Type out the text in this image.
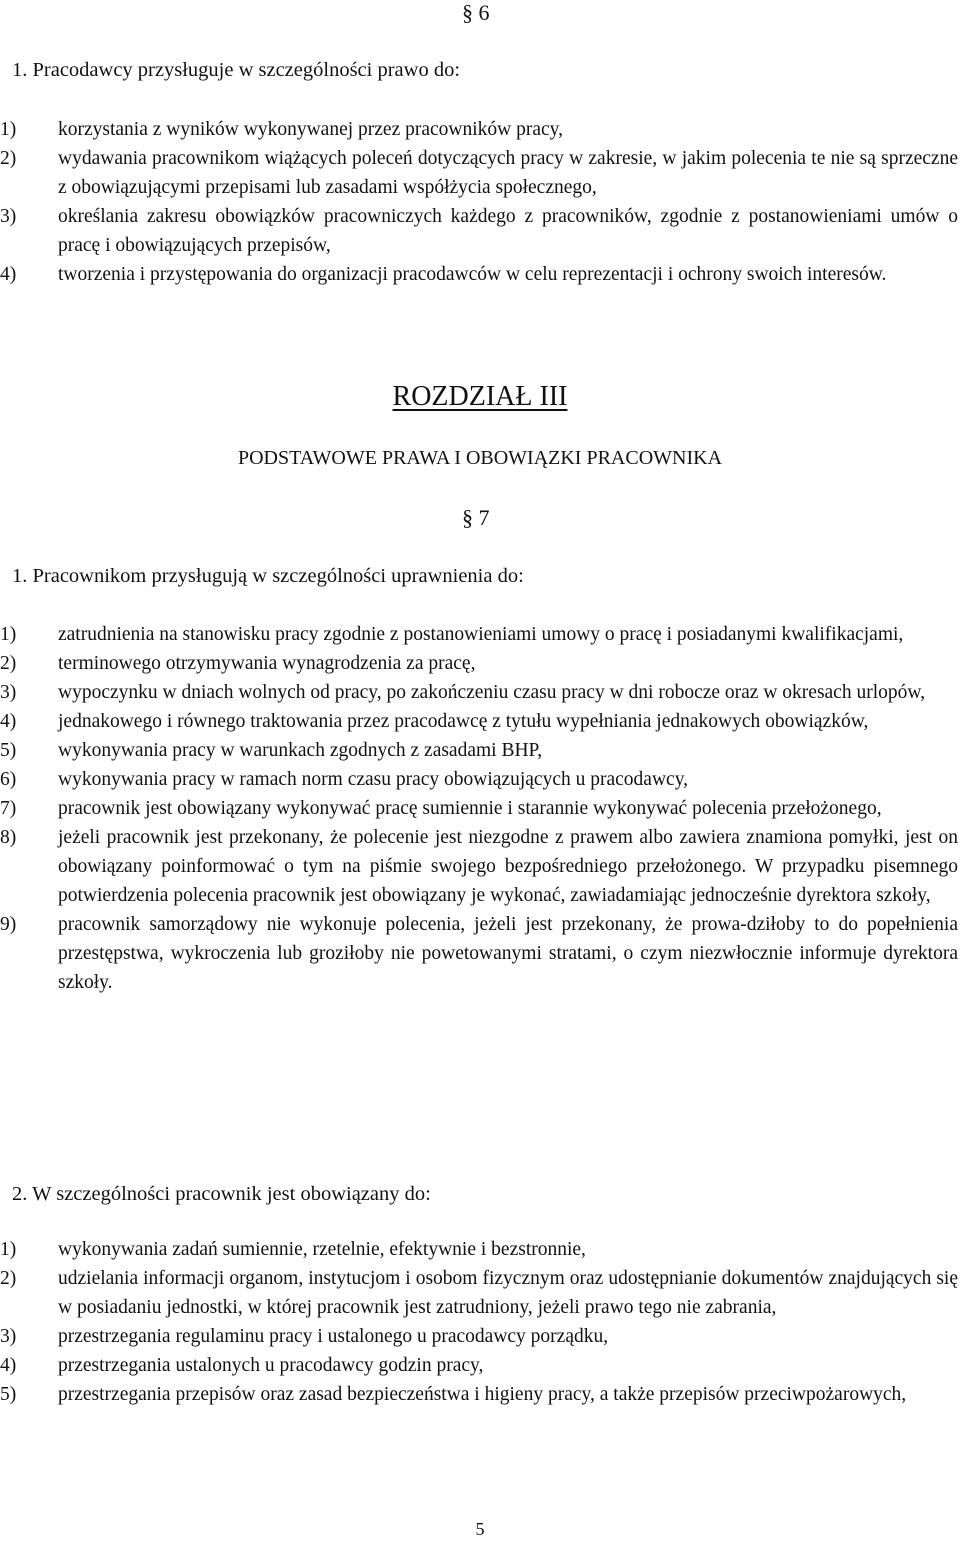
§ 6
1. Pracodawcy przysługuje w szczególności prawo do:
1)	korzystania z wyników wykonywanej przez pracowników pracy,
2)	wydawania pracownikom wiążących poleceń dotyczących pracy w zakresie, w jakim polecenia te nie są sprzeczne z obowiązującymi przepisami lub zasadami współżycia społecznego,
3)	określania zakresu obowiązków pracowniczych każdego z pracowników, zgodnie z postanowieniami umów o pracę i obowiązujących przepisów,
4)	tworzenia i przystępowania do organizacji pracodawców w celu reprezentacji i ochrony swoich interesów.
ROZDZIAŁ III
PODSTAWOWE PRAWA I OBOWIĄZKI PRACOWNIKA
§ 7
1. Pracownikom przysługują w szczególności uprawnienia do:
1)	zatrudnienia na stanowisku pracy zgodnie z postanowieniami umowy o pracę i posiadanymi kwalifikacjami,
2)	terminowego otrzymywania wynagrodzenia za pracę,
3)	wypoczynku w dniach wolnych od pracy, po zakończeniu czasu pracy w dni robocze oraz w okresach urlopów,
4)	jednakowego i równego traktowania przez pracodawcę z tytułu wypełniania jednakowych obowiązków,
5)	wykonywania pracy w warunkach zgodnych z zasadami BHP,
6)	wykonywania pracy w ramach norm czasu pracy obowiązujących u pracodawcy,
7)	pracownik jest obowiązany wykonywać pracę sumiennie i starannie wykonywać polecenia przełożonego,
8)	jeżeli pracownik jest przekonany, że polecenie jest niezgodne z prawem albo zawiera znamiona pomyłki, jest on obowiązany poinformować o tym na piśmie swojego bezpośredniego przełożonego. W przypadku pisemnego potwierdzenia polecenia pracownik jest obowiązany je wykonać, zawiadamiając jednocześnie dyrektora szkoły,
9)	pracownik samorządowy nie wykonuje polecenia, jeżeli jest przekonany, że prowa-dziłoby to do popełnienia przestępstwa, wykroczenia lub groziłoby nie powetowanymi stratami, o czym niezwłocznie informuje dyrektora szkoły.
2. W szczególności pracownik jest obowiązany do:
1)	wykonywania zadań sumiennie, rzetelnie, efektywnie i bezstronnie,
2)	udzielania informacji organom, instytucjom i osobom fizycznym oraz udostępnianie dokumentów znajdujących się w posiadaniu jednostki, w której pracownik jest zatrudniony, jeżeli prawo tego nie zabrania,
3)	przestrzegania regulaminu pracy i ustalonego u pracodawcy porządku,
4)	przestrzegania ustalonych u pracodawcy godzin pracy,
5)	przestrzegania przepisów oraz zasad bezpieczeństwa i higieny pracy, a także przepisów przeciwpożarowych,
5
